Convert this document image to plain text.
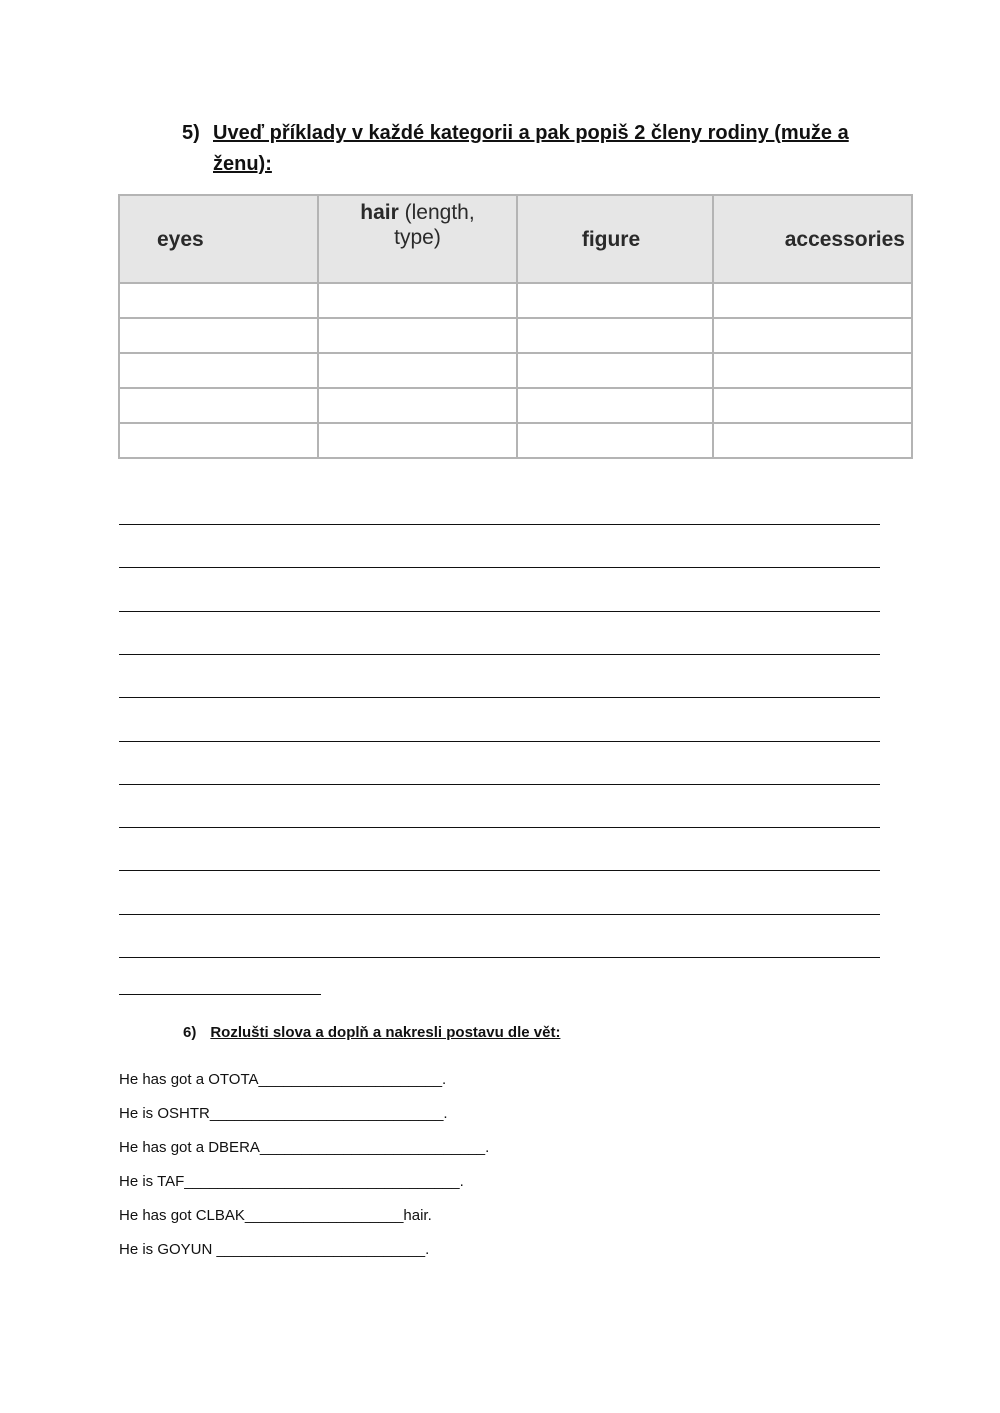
5) Uveď příklady v každé kategorii a pak popiš 2 členy rodiny (muže a ženu):
eyes	hair (length, type)	figure	accessories

6) Rozlušti slova a doplň a nakresli postavu dle vět:
He has got a OTOTA______________________.
He is OSHTR____________________________.
He has got a DBERA___________________________.
He is TAF_________________________________.
He has got CLBAK___________________hair.
He is GOYUN _________________________.
